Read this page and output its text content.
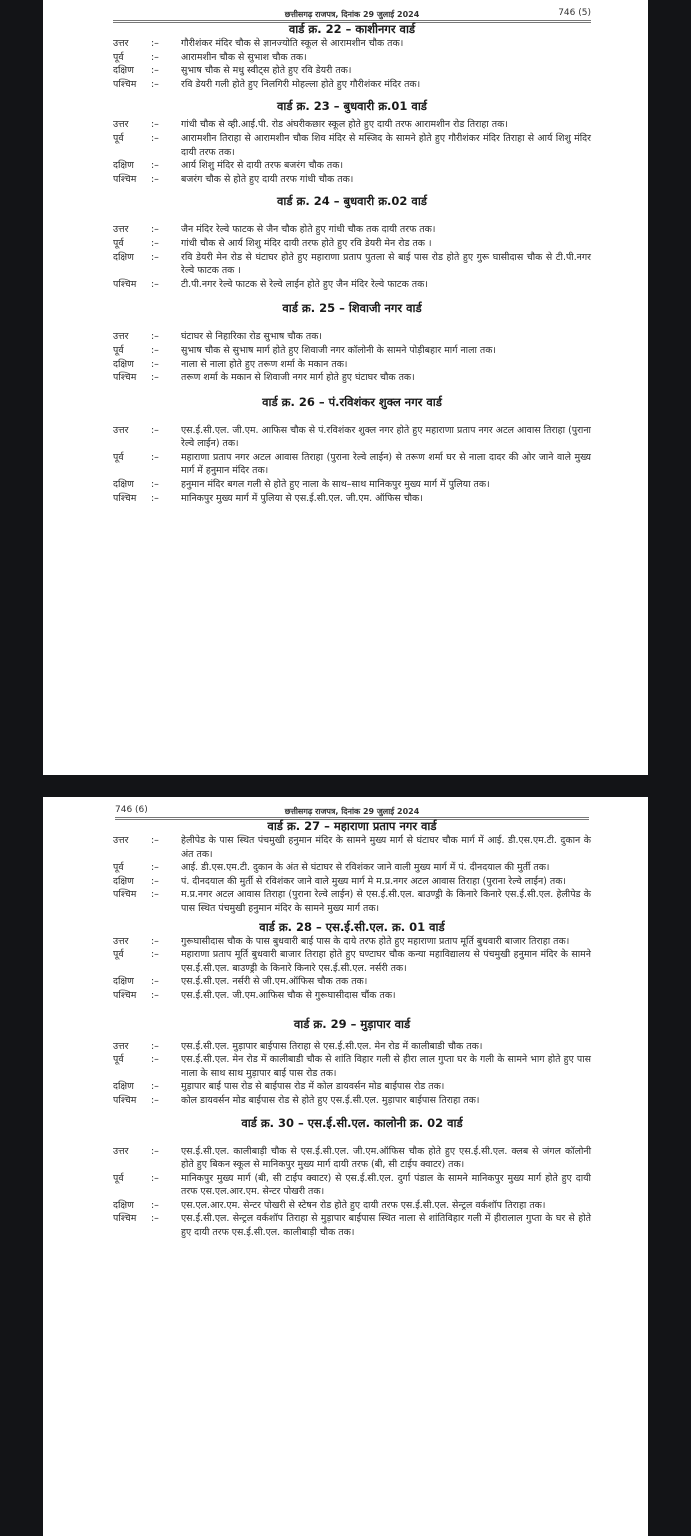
छत्तीसगढ़ राजपत्र, दिनांक 29 जुलाई 2024	746 (5)
वार्ड क्र. 22 – काशीनगर वार्ड
उत्तर	:–	गौरीशंकर मंदिर चौक से ज्ञानज्योति स्कूल से आरामशीन चौक तक।
पूर्व	:–	आरामशीन चौक से सुभाश चौक तक।
दक्षिण	:–	सुभाष चौक से मधु स्वीट्स होते हुए रवि डेयरी तक।
पश्चिम	:–	रवि डेयरी गली होते हुए निलगिरी मोहल्ला होते हुए गौरीशंकर मंदिर तक।
वार्ड क्र. 23 – बुधवारी क्र.01 वार्ड
उत्तर	:–	गांधी चौक से व्ही.आई.पी. रोड अंघरीकछार स्कूल होते हुए दायी तरफ आरामशीन रोड तिराहा तक।
पूर्व	:–	आरामशीन तिराहा से आरामशीन चौक शिव मंदिर से मस्जिद के सामने होते हुए गौरीशंकर मंदिर तिराहा से आर्य शिशु मंदिर दायी तरफ तक।
दक्षिण	:–	आर्य शिशु मंदिर से दायी तरफ बजरंग चौक तक।
पश्चिम	:–	बजरंग चौक से होते हुए दायी तरफ गांधी चौक तक।
वार्ड क्र. 24 – बुधवारी क्र.02 वार्ड
उत्तर	:–	जैन मंदिर रेल्वे फाटक से जैन चौक होते हुए गांधी चौक तक दायी तरफ तक।
पूर्व	:–	गांधी चौक से आर्य शिशु मंदिर दायी तरफ होते हुए रवि डेयरी मेन रोड तक ।
दक्षिण	:–	रवि डेयरी मेन रोड से घंटाघर होते हुए महाराणा प्रताप पुतला से बाई पास रोड होते हुए गुरू घासीदास चौक से टी.पी.नगर रेल्वे फाटक तक ।
पश्चिम	:–	टी.पी.नगर रेल्वे फाटक से रेल्वे लाईन होते हुए जैन मंदिर रेल्वे फाटक तक।
वार्ड क्र. 25 – शिवाजी नगर वार्ड
उत्तर	:–	घंटाघर से निहारिका रोड सुभाष चौक तक।
पूर्व	:–	सुभाष चौक से सुभाष मार्ग होते हुए शिवाजी नगर कॉलोनी के सामने पोड़ीबहार मार्ग नाला तक।
दक्षिण	:–	नाला से नाला होते हुए तरूण शर्मा के मकान तक।
पश्चिम	:–	तरूण शर्मा के मकान से शिवाजी नगर मार्ग होते हुए घंटाघर चौक तक।
वार्ड क्र. 26 – पं.रविशंकर शुक्ल नगर वार्ड
उत्तर	:–	एस.ई.सी.एल. जी.एम. आफिस चौक से पं.रविशंकर शुक्ल नगर होते हुए महाराणा प्रताप नगर अटल आवास तिराहा (पुराना रेल्वे लाईन) तक।
पूर्व	:–	महाराणा प्रताप नगर अटल आवास तिराहा (पुराना रेल्वे लाईन) से तरूण शर्मा घर से नाला दादर की ओर जाने वाले मुख्य मार्ग में हनुमान मंदिर तक।
दक्षिण	:–	हनुमान मंदिर बगल गली से होते हुए नाला के साथ–साथ मानिकपुर मुख्य मार्ग में पुलिया तक।
पश्चिम	:–	मानिकपुर मुख्य मार्ग में पुलिया से एस.ई.सी.एल. जी.एम. ऑफिस चौक।
छत्तीसगढ़ राजपत्र, दिनांक 29 जुलाई 2024
746 (6)
वार्ड क्र. 27 – महाराणा प्रताप नगर वार्ड
उत्तर	:–	हेलीपेड के पास स्थित पंचमुखी हनुमान मंदिर के सामने मुख्य मार्ग से घंटाघर चौक मार्ग में आई. डी.एस.एम.टी. दुकान के अंत तक।
पूर्व	:–	आई. डी.एस.एम.टी. दुकान के अंत से घंटाघर से रविशंकर जाने वाली मुख्य मार्ग में पं. दीनदयाल की मुर्ती तक।
दक्षिण	:–	पं. दीनदयाल की मुर्ती से रविशंकर जाने वाले मुख्य मार्ग मे म.प्र.नगर अटल आवास तिराहा (पुराना रेल्वे लाईन) तक।
पश्चिम	:–	म.प्र.नगर अटल आवास तिराहा (पुराना रेल्वे लाईन) से एस.ई.सी.एल. बाउण्ड्री के किनारे किनारे एस.ई.सी.एल. हेलीपेड के पास स्थित पंचमुखी हनुमान मंदिर के सामने मुख्य मार्ग तक।
वार्ड क्र. 28 – एस.ई.सी.एल. क्र. 01 वार्ड
उत्तर	:–	गुरूघासीदास चौक के पास बुधवारी बाई पास के दाये तरफ होते हुए महाराणा प्रताप मूर्ति बुधवारी बाजार तिराहा तक।
पूर्व	:–	महाराणा प्रताप मूर्ति बुधवारी बाजार तिराहा होते हुए घण्टाघर चौक कन्या महाविद्यालय से पंचमुखी हनुमान मंदिर के सामने एस.ई.सी.एल. बाउण्ड्री के किनारे किनारे एस.ई.सी.एल. नर्सरी तक।
दक्षिण	:–	एस.ई.सी.एल. नर्सरी से जी.एम.ऑफिस चौक तक तक।
पश्चिम	:–	एस.ई.सी.एल. जी.एम.आफिस चौक से गुरूघासीदास चौंक तक।
वार्ड क्र. 29 – मुड़ापार वार्ड
उत्तर	:–	एस.ई.सी.एल. मुड़ापार बाईपास तिराहा से एस.ई.सी.एल. मेन रोड में कालीबाडी चौक तक।
पूर्व	:–	एस.ई.सी.एल. मेन रोड में कालीबाडी चौक से शांति विहार गली से हीरा लाल गुप्ता घर के गली के सामने भाग होते हुए पास नाला के साथ साथ मुड़ापार बाई पास रोड तक।
दक्षिण	:–	मुड़ापार बाई पास रोड से बाईपास रोड में कोल डायवर्सन मोड बाईपास रोड तक।
पश्चिम	:–	कोल डायवर्सन मोड बाईपास रोड से होते हुए एस.ई.सी.एल. मुड़ापार बाईपास तिराहा तक।
वार्ड क्र. 30 – एस.ई.सी.एल. कालोनी क्र. 02 वार्ड
उत्तर	:–	एस.ई.सी.एल. कालीबाड़ी चौक से एस.ई.सी.एल. जी.एम.ऑफिस चौक होते हुए एस.ई.सी.एल. क्लब से जंगल कॉलोनी होते हुए बिकन स्कूल से मानिकपुर मुख्य मार्ग दायी तरफ (बी, सी टाईप क्वाटर) तक।
पूर्व	:–	मानिकपुर मुख्य मार्ग (बी, सी टाईप क्वाटर) से एस.ई.सी.एल. दुर्गा पंडाल के सामने मानिकपुर मुख्य मार्ग होते हुए दायी तरफ एस.एल.आर.एम. सेन्टर पोखरी तक।
दक्षिण	:–	एस.एल.आर.एम. सेन्टर पोखरी से स्टेषन रोड होते हुए दायी तरफ एस.ई.सी.एल. सेन्ट्रल वर्कशॉप तिराहा तक।
पश्चिम	:–	एस.ई.सी.एल. सेन्ट्रल वर्कशॉप तिराहा से मुड़ापार बाईपास स्थित नाला से शांतिविहार गली में हीरालाल गुप्ता के घर से होते हुए दायी तरफ एस.ई.सी.एल. कालीबाड़ी चौक तक।
